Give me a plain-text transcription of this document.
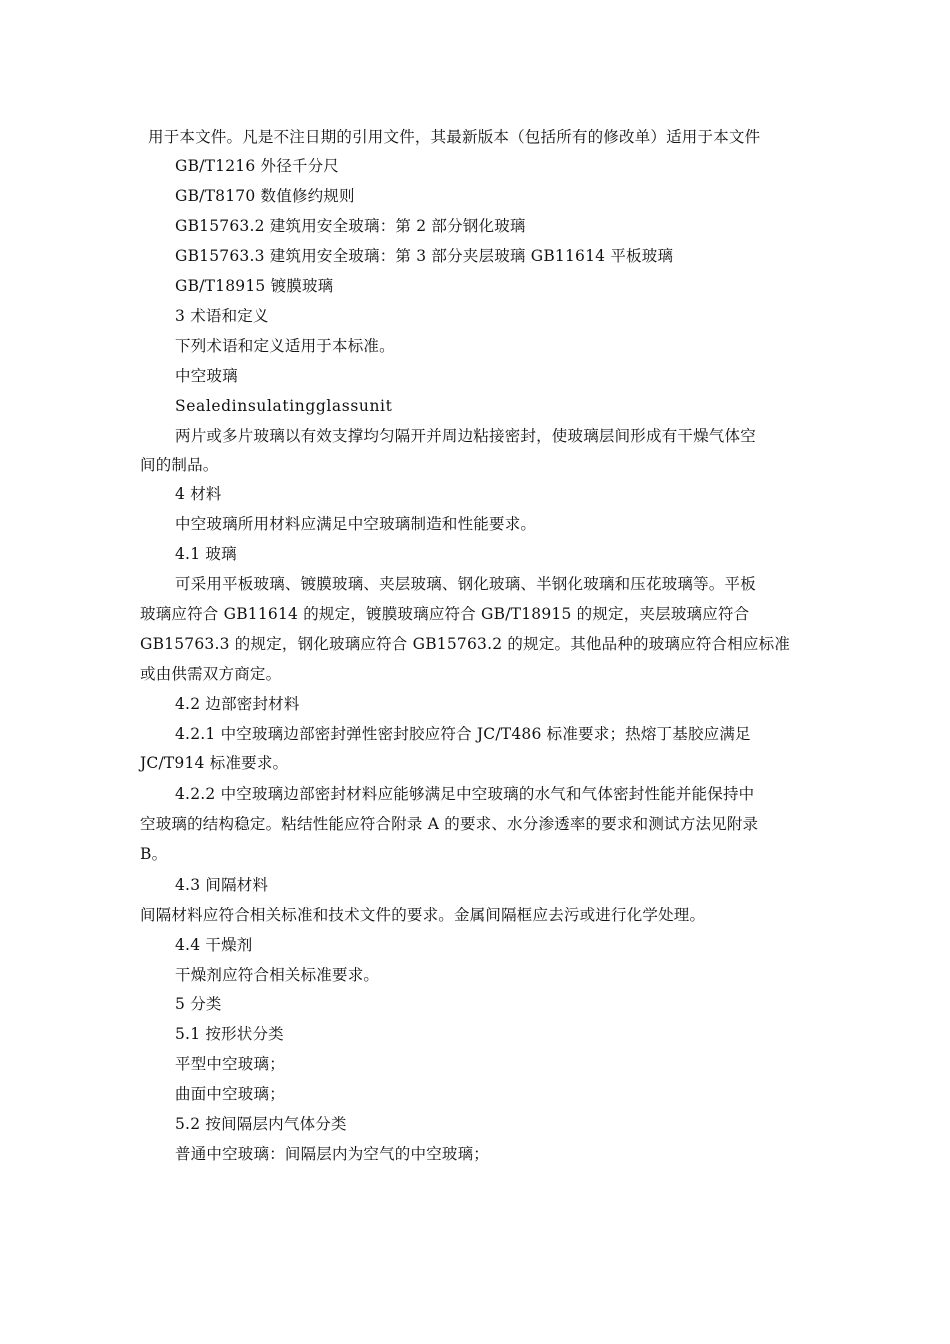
用于本文件。凡是不注日期的引用文件，其最新版本（包括所有的修改单）适用于本文件
GB/T1216 外径千分尺
GB/T8170 数值修约规则
GB15763.2 建筑用安全玻璃：第 2 部分钢化玻璃
GB15763.3 建筑用安全玻璃：第 3 部分夹层玻璃 GB11614 平板玻璃
GB/T18915 镀膜玻璃
3 术语和定义
下列术语和定义适用于本标准。
中空玻璃
Sealedinsulatingglassunit
两片或多片玻璃以有效支撑均匀隔开并周边粘接密封，使玻璃层间形成有干燥气体空
间的制品。
4 材料
中空玻璃所用材料应满足中空玻璃制造和性能要求。
4.1 玻璃
可采用平板玻璃、镀膜玻璃、夹层玻璃、钢化玻璃、半钢化玻璃和压花玻璃等。平板
玻璃应符合 GB11614 的规定，镀膜玻璃应符合 GB/T18915 的规定，夹层玻璃应符合
GB15763.3 的规定，钢化玻璃应符合 GB15763.2 的规定。其他品种的玻璃应符合相应标准
或由供需双方商定。
4.2 边部密封材料
4.2.1 中空玻璃边部密封弹性密封胶应符合 JC/T486 标准要求；热熔丁基胶应满足
JC/T914 标准要求。
4.2.2 中空玻璃边部密封材料应能够满足中空玻璃的水气和气体密封性能并能保持中
空玻璃的结构稳定。粘结性能应符合附录 A 的要求、水分渗透率的要求和测试方法见附录
B。
4.3 间隔材料
间隔材料应符合相关标准和技术文件的要求。金属间隔框应去污或进行化学处理。
4.4 干燥剂
干燥剂应符合相关标准要求。
5 分类
5.1 按形状分类
平型中空玻璃；
曲面中空玻璃；
5.2 按间隔层内气体分类
普通中空玻璃：间隔层内为空气的中空玻璃；
